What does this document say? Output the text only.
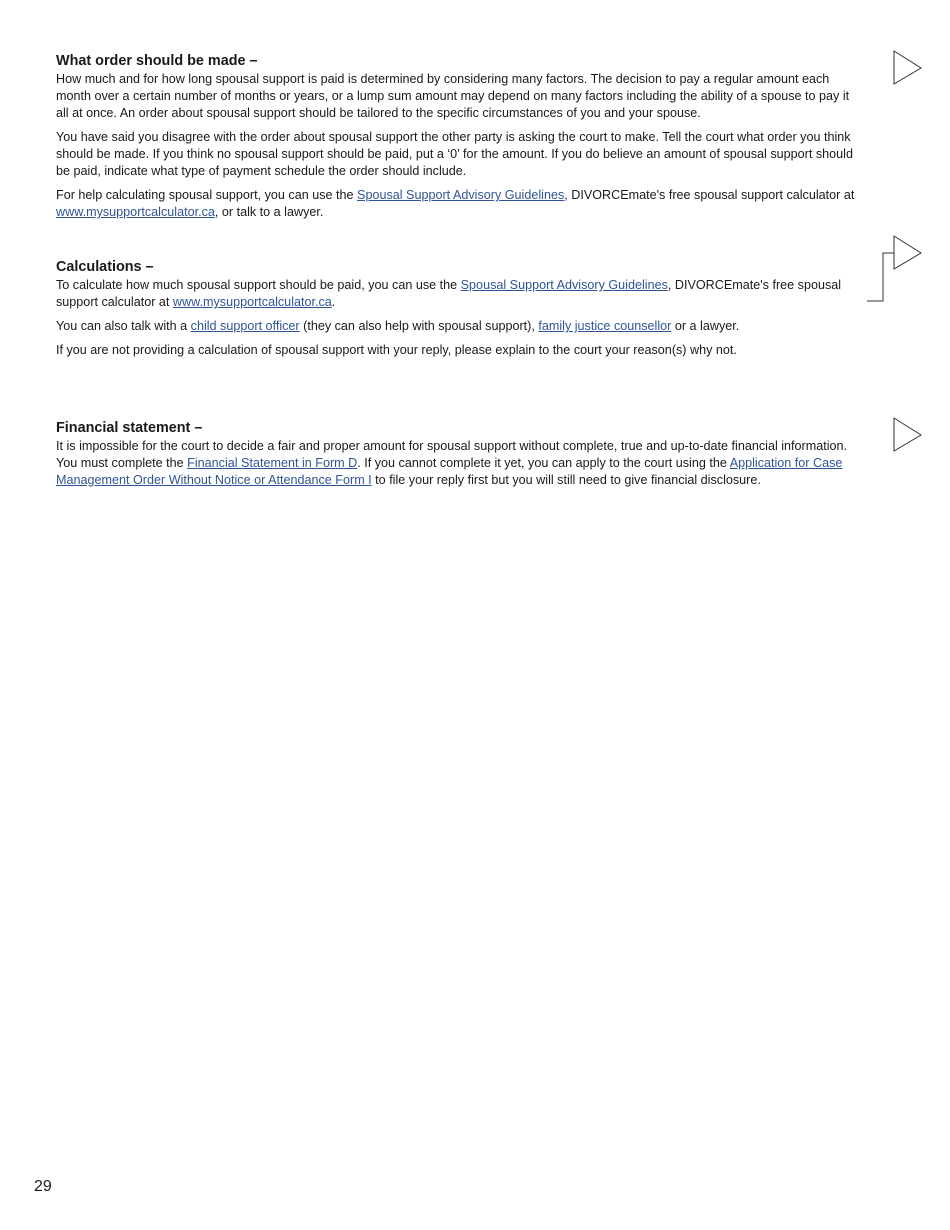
What order should be made –

How much and for how long spousal support is paid is determined by considering many factors. The decision to pay a regular amount each month over a certain number of months or years, or a lump sum amount may depend on many factors including the ability of a spouse to pay it all at once. An order about spousal support should be tailored to the specific circumstances of you and your spouse.

You have said you disagree with the order about spousal support the other party is asking the court to make. Tell the court what order you think should be made. If you think no spousal support should be paid, put a ‘0’ for the amount. If you do believe an amount of spousal support should be paid, indicate what type of payment schedule the order should include.

For help calculating spousal support, you can use the Spousal Support Advisory Guidelines, DIVORCEmate's free spousal support calculator at www.mysupportcalculator.ca, or talk to a lawyer.

Calculations –

To calculate how much spousal support should be paid, you can use the Spousal Support Advisory Guidelines, DIVORCEmate's free spousal support calculator at www.mysupportcalculator.ca.

You can also talk with a child support officer (they can also help with spousal support), family justice counsellor or a lawyer.

If you are not providing a calculation of spousal support with your reply, please explain to the court your reason(s) why not.

Financial statement –

It is impossible for the court to decide a fair and proper amount for spousal support without complete, true and up-to-date financial information. You must complete the Financial Statement in Form D. If you cannot complete it yet, you can apply to the court using the Application for Case Management Order Without Notice or Attendance Form I to file your reply first but you will still need to give financial disclosure.

29
